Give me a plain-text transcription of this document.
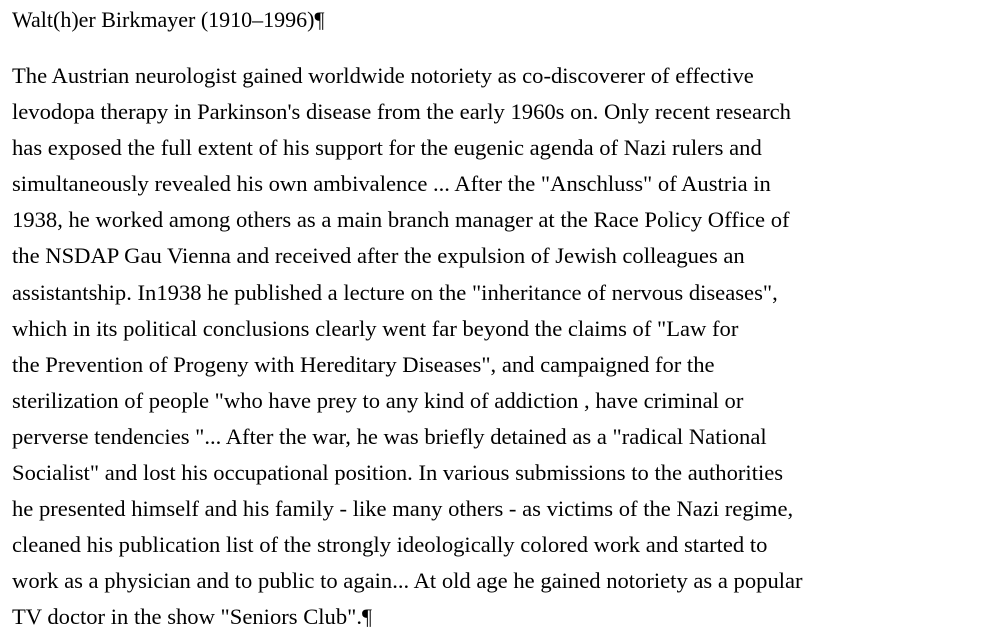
Walt(h)er Birkmayer (1910–1996)¶
The Austrian neurologist gained worldwide notoriety as co-discoverer of effective
levodopa therapy in Parkinson's disease from the early 1960s on. Only recent research
has exposed the full extent of his support for the eugenic agenda of Nazi rulers and
simultaneously revealed his own ambivalence ... After the "Anschluss" of Austria in
1938, he worked among others as a main branch manager at the Race Policy Office of
the NSDAP Gau Vienna and received after the expulsion of Jewish colleagues an
assistantship. In1938 he published a lecture on the "inheritance of nervous diseases",
which in its political conclusions clearly went far beyond the claims of "Law for
the Prevention of Progeny with Hereditary Diseases", and campaigned for the
sterilization of people "who have prey to any kind of addiction , have criminal or
perverse tendencies "... After the war, he was briefly detained as a "radical National
Socialist" and lost his occupational position. In various submissions to the authorities
he presented himself and his family - like many others - as victims of the Nazi regime,
cleaned his publication list of the strongly ideologically colored work and started to
work as a physician and to public to again... At old age he gained notoriety as a popular
TV doctor in the show "Seniors Club".¶
